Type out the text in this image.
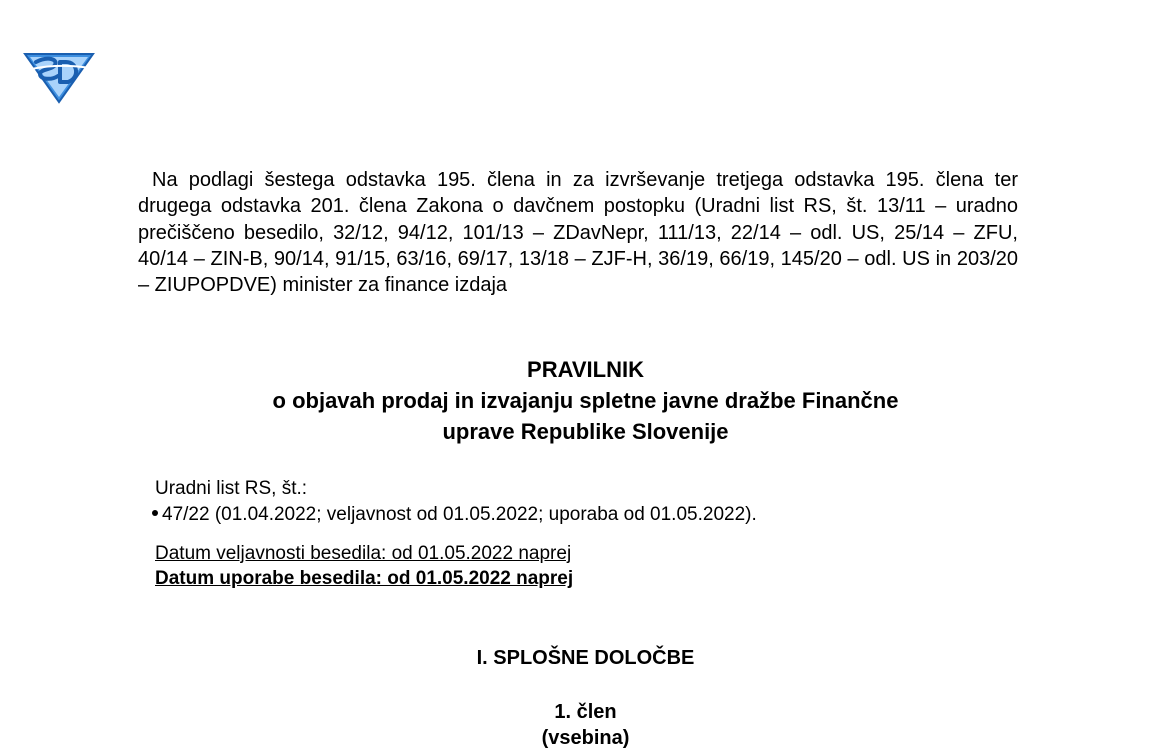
Na podlagi šestega odstavka 195. člena in za izvrševanje tretjega odstavka 195. člena ter drugega odstavka 201. člena Zakona o davčnem postopku (Uradni list RS, št. 13/11 – uradno prečiščeno besedilo, 32/12, 94/12, 101/13 – ZDavNepr, 111/13, 22/14 – odl. US, 25/14 – ZFU, 40/14 – ZIN-B, 90/14, 91/15, 63/16, 69/17, 13/18 – ZJF-H, 36/19, 66/19, 145/20 – odl. US in 203/20 – ZIUPOPDVE) minister za finance izdaja

PRAVILNIK
o objavah prodaj in izvajanju spletne javne dražbe Finančne
uprave Republike Slovenije
Uradni list RS, št.:
47/22 (01.04.2022; veljavnost od 01.05.2022; uporaba od 01.05.2022).
Datum veljavnosti besedila: od 01.05.2022 naprej
Datum uporabe besedila: od 01.05.2022 naprej
I. SPLOŠNE DOLOČBE
1. člen
(vsebina)
